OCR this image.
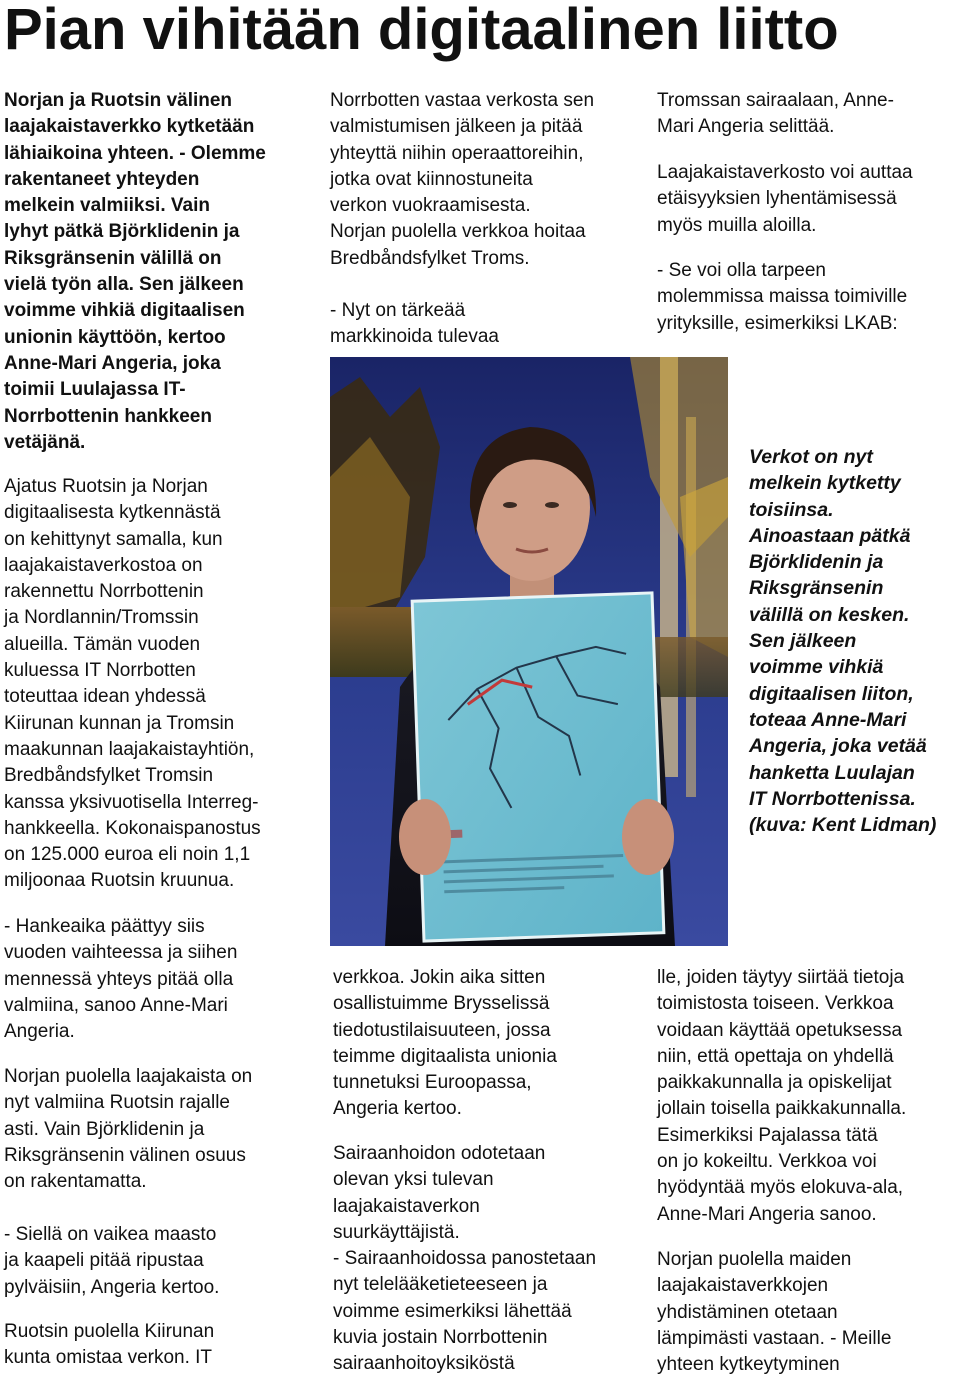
Pian vihitään digitaalinen liitto

Norjan ja Ruotsin välinen
laajakaistaverkko kytketään
lähiaikoina yhteen. - Olemme
rakentaneet yhteyden
melkein valmiiksi. Vain
lyhyt pätkä Björklidenin ja
Riksgränsenin välillä on
vielä työn alla. Sen jälkeen
voimme vihkiä digitaalisen
unionin käyttöön, kertoo
Anne-Mari Angeria, joka
toimii Luulajassa IT-
Norrbottenin hankkeen
vetäjänä.

Ajatus Ruotsin ja Norjan
digitaalisesta kytkennästä
on kehittynyt samalla, kun
laajakaistaverkostoa on
rakennettu Norrbottenin
ja Nordlannin/Tromssin
alueilla. Tämän vuoden
kuluessa IT Norrbotten
toteuttaa idean yhdessä
Kiirunan kunnan ja Tromsin
maakunnan laajakaistayhtiön,
Bredbåndsfylket Tromsin
kanssa yksivuotisella Interreg-
hankkeella. Kokonaispanostus
on 125.000 euroa eli noin 1,1
miljoonaa Ruotsin kruunua.

- Hankeaika päättyy siis
vuoden vaihteessa ja siihen
mennessä yhteys pitää olla
valmiina, sanoo Anne-Mari
Angeria.

Norjan puolella laajakaista on
nyt valmiina Ruotsin rajalle
asti. Vain Björklidenin ja
Riksgränsenin välinen osuus
on rakentamatta.

- Siellä on vaikea maasto
ja kaapeli pitää ripustaa
pylväisiin, Angeria kertoo.

Ruotsin puolella Kiirunan
kunta omistaa verkon. IT

Norrbotten vastaa verkosta sen
valmistumisen jälkeen ja pitää
yhteyttä niihin operaattoreihin,
jotka ovat kiinnostuneita
verkon vuokraamisesta.
Norjan puolella verkkoa hoitaa
Bredbåndsfylket Troms.

- Nyt on tärkeää
markkinoida tulevaa

verkkoa. Jokin aika sitten
osallistuimme Brysselissä
tiedotustilaisuuteen, jossa
teimme digitaalista unionia
tunnetuksi Euroopassa,
Angeria kertoo.

Sairaanhoidon odotetaan
olevan yksi tulevan
laajakaistaverkon
suurkäyttäjistä.
- Sairaanhoidossa panostetaan
nyt telelääketieteeseen ja
voimme esimerkiksi lähettää
kuvia jostain Norrbottenin
sairaanhoitoyksiköstä

Tromssan sairaalaan, Anne-
Mari Angeria selittää.

Laajakaistaverkosto voi auttaa
etäisyyksien lyhentämisessä
myös muilla aloilla.

- Se voi olla tarpeen
molemmissa maissa toimiville
yrityksille, esimerkiksi LKAB:

Verkot on nyt
melkein kytketty
toisiinsa.
Ainoastaan pätkä
Björklidenin ja
Riksgränsenin
välillä on kesken.
Sen jälkeen
voimme vihkiä
digitaalisen liiton,
toteaa Anne-Mari
Angeria, joka vetää
hanketta Luulajan
IT Norrbottenissa.
(kuva: Kent Lidman)

lle, joiden täytyy siirtää tietoja
toimistosta toiseen. Verkkoa
voidaan käyttää opetuksessa
niin, että opettaja on yhdellä
paikkakunnalla ja opiskelijat
jollain toisella paikkakunnalla.
Esimerkiksi Pajalassa tätä
on jo kokeiltu. Verkkoa voi
hyödyntää myös elokuva-ala,
Anne-Mari Angeria sanoo.

Norjan puolella maiden
laajakaistaverkkojen
yhdistäminen otetaan
lämpimästi vastaan. - Meille
yhteen kytkeytyminen
